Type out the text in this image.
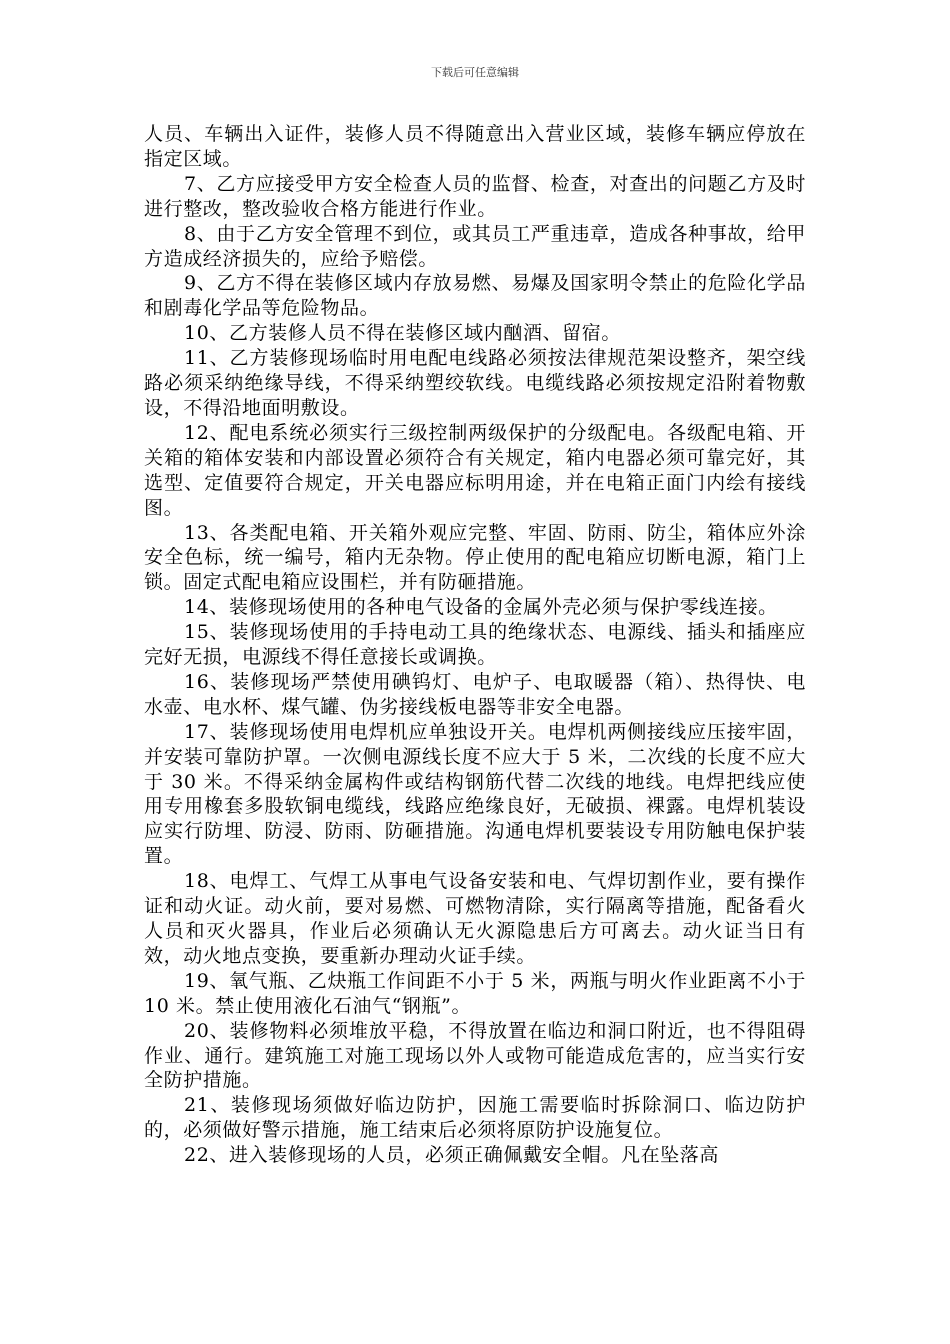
下载后可任意编辑

人员、车辆出入证件，装修人员不得随意出入营业区域，装修车辆应停放在指定区域。

7、乙方应接受甲方安全检查人员的监督、检查，对查出的问题乙方及时进行整改，整改验收合格方能进行作业。

8、由于乙方安全管理不到位，或其员工严重违章，造成各种事故，给甲方造成经济损失的，应给予赔偿。

9、乙方不得在装修区域内存放易燃、易爆及国家明令禁止的危险化学品和剧毒化学品等危险物品。

10、乙方装修人员不得在装修区域内酗酒、留宿。

11、乙方装修现场临时用电配电线路必须按法律规范架设整齐，架空线路必须采纳绝缘导线，不得采纳塑绞软线。电缆线路必须按规定沿附着物敷设，不得沿地面明敷设。

12、配电系统必须实行三级控制两级保护的分级配电。各级配电箱、开关箱的箱体安装和内部设置必须符合有关规定，箱内电器必须可靠完好，其选型、定值要符合规定，开关电器应标明用途，并在电箱正面门内绘有接线图。

13、各类配电箱、开关箱外观应完整、牢固、防雨、防尘，箱体应外涂安全色标，统一编号，箱内无杂物。停止使用的配电箱应切断电源，箱门上锁。固定式配电箱应设围栏，并有防砸措施。

14、装修现场使用的各种电气设备的金属外壳必须与保护零线连接。

15、装修现场使用的手持电动工具的绝缘状态、电源线、插头和插座应完好无损，电源线不得任意接长或调换。

16、装修现场严禁使用碘钨灯、电炉子、电取暖器（箱）、热得快、电水壶、电水杯、煤气罐、伪劣接线板电器等非安全电器。

17、装修现场使用电焊机应单独设开关。电焊机两侧接线应压接牢固，并安装可靠防护罩。一次侧电源线长度不应大于 5 米，二次线的长度不应大于 30 米。不得采纳金属构件或结构钢筋代替二次线的地线。电焊把线应使用专用橡套多股软铜电缆线，线路应绝缘良好，无破损、裸露。电焊机装设应实行防埋、防浸、防雨、防砸措施。沟通电焊机要装设专用防触电保护装置。

18、电焊工、气焊工从事电气设备安装和电、气焊切割作业，要有操作证和动火证。动火前，要对易燃、可燃物清除，实行隔离等措施，配备看火人员和灭火器具，作业后必须确认无火源隐患后方可离去。动火证当日有效，动火地点变换，要重新办理动火证手续。

19、氧气瓶、乙炔瓶工作间距不小于 5 米，两瓶与明火作业距离不小于 10 米。禁止使用液化石油气“钢瓶”。

20、装修物料必须堆放平稳，不得放置在临边和洞口附近，也不得阻碍作业、通行。建筑施工对施工现场以外人或物可能造成危害的，应当实行安全防护措施。

21、装修现场须做好临边防护，因施工需要临时拆除洞口、临边防护的，必须做好警示措施，施工结束后必须将原防护设施复位。

22、进入装修现场的人员，必须正确佩戴安全帽。凡在坠落高
